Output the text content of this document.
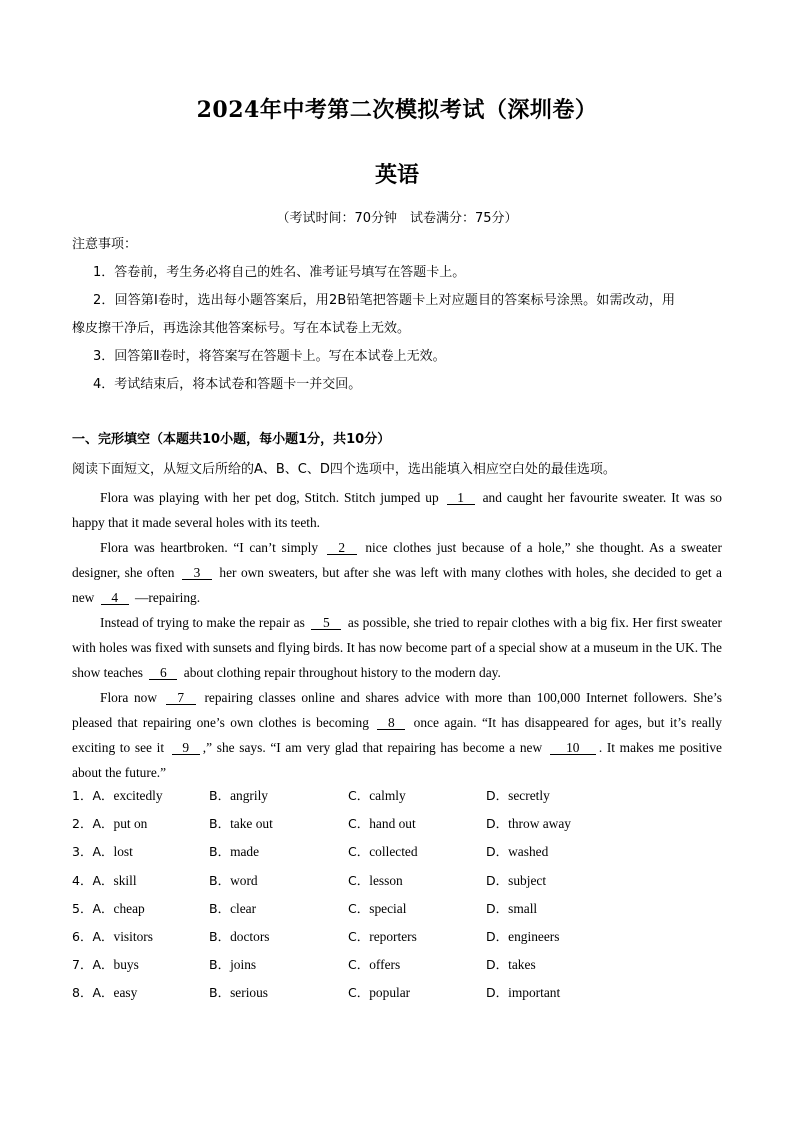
2024年中考第二次模拟考试（深圳卷）
英语
（考试时间：70分钟　试卷满分：75分）
注意事项：
1．答卷前，考生务必将自己的姓名、准考证号填写在答题卡上。
2．回答第Ⅰ卷时，选出每小题答案后，用2B铅笔把答题卡上对应题目的答案标号涂黑。如需改动，用
橡皮擦干净后，再选涂其他答案标号。写在本试卷上无效。
3．回答第Ⅱ卷时，将答案写在答题卡上。写在本试卷上无效。
4．考试结束后，将本试卷和答题卡一并交回。
一、完形填空（本题共10小题，每小题1分，共10分）
阅读下面短文，从短文后所给的A、B、C、D四个选项中，选出能填入相应空白处的最佳选项。

Flora was playing with her pet dog, Stitch. Stitch jumped up 1 and caught her favourite sweater. It was so happy that it made several holes with its teeth.

Flora was heartbroken. “I can’t simply 2 nice clothes just because of a hole,” she thought. As a sweater designer, she often 3 her own sweaters, but after she was left with many clothes with holes, she decided to get a new 4 —repairing.

Instead of trying to make the repair as 5 as possible, she tried to repair clothes with a big fix. Her first sweater with holes was fixed with sunsets and flying birds. It has now become part of a special show at a museum in the UK. The show teaches 6 about clothing repair throughout history to the modern day.

Flora now 7 repairing classes online and shares advice with more than 100,000 Internet followers. She’s pleased that repairing one’s own clothes is becoming 8 once again. “It has disappeared for ages, but it’s really exciting to see it 9 ,” she says. “I am very glad that repairing has become a new 10 . It makes me positive about the future.”

1．A．excitedly	B．angrily	C．calmly	D．secretly
2．A．put on	B．take out	C．hand out	D．throw away
3．A．lost	B．made	C．collected	D．washed
4．A．skill	B．word	C．lesson	D．subject
5．A．cheap	B．clear	C．special	D．small
6．A．visitors	B．doctors	C．reporters	D．engineers
7．A．buys	B．joins	C．offers	D．takes
8．A．easy	B．serious	C．popular	D．important
